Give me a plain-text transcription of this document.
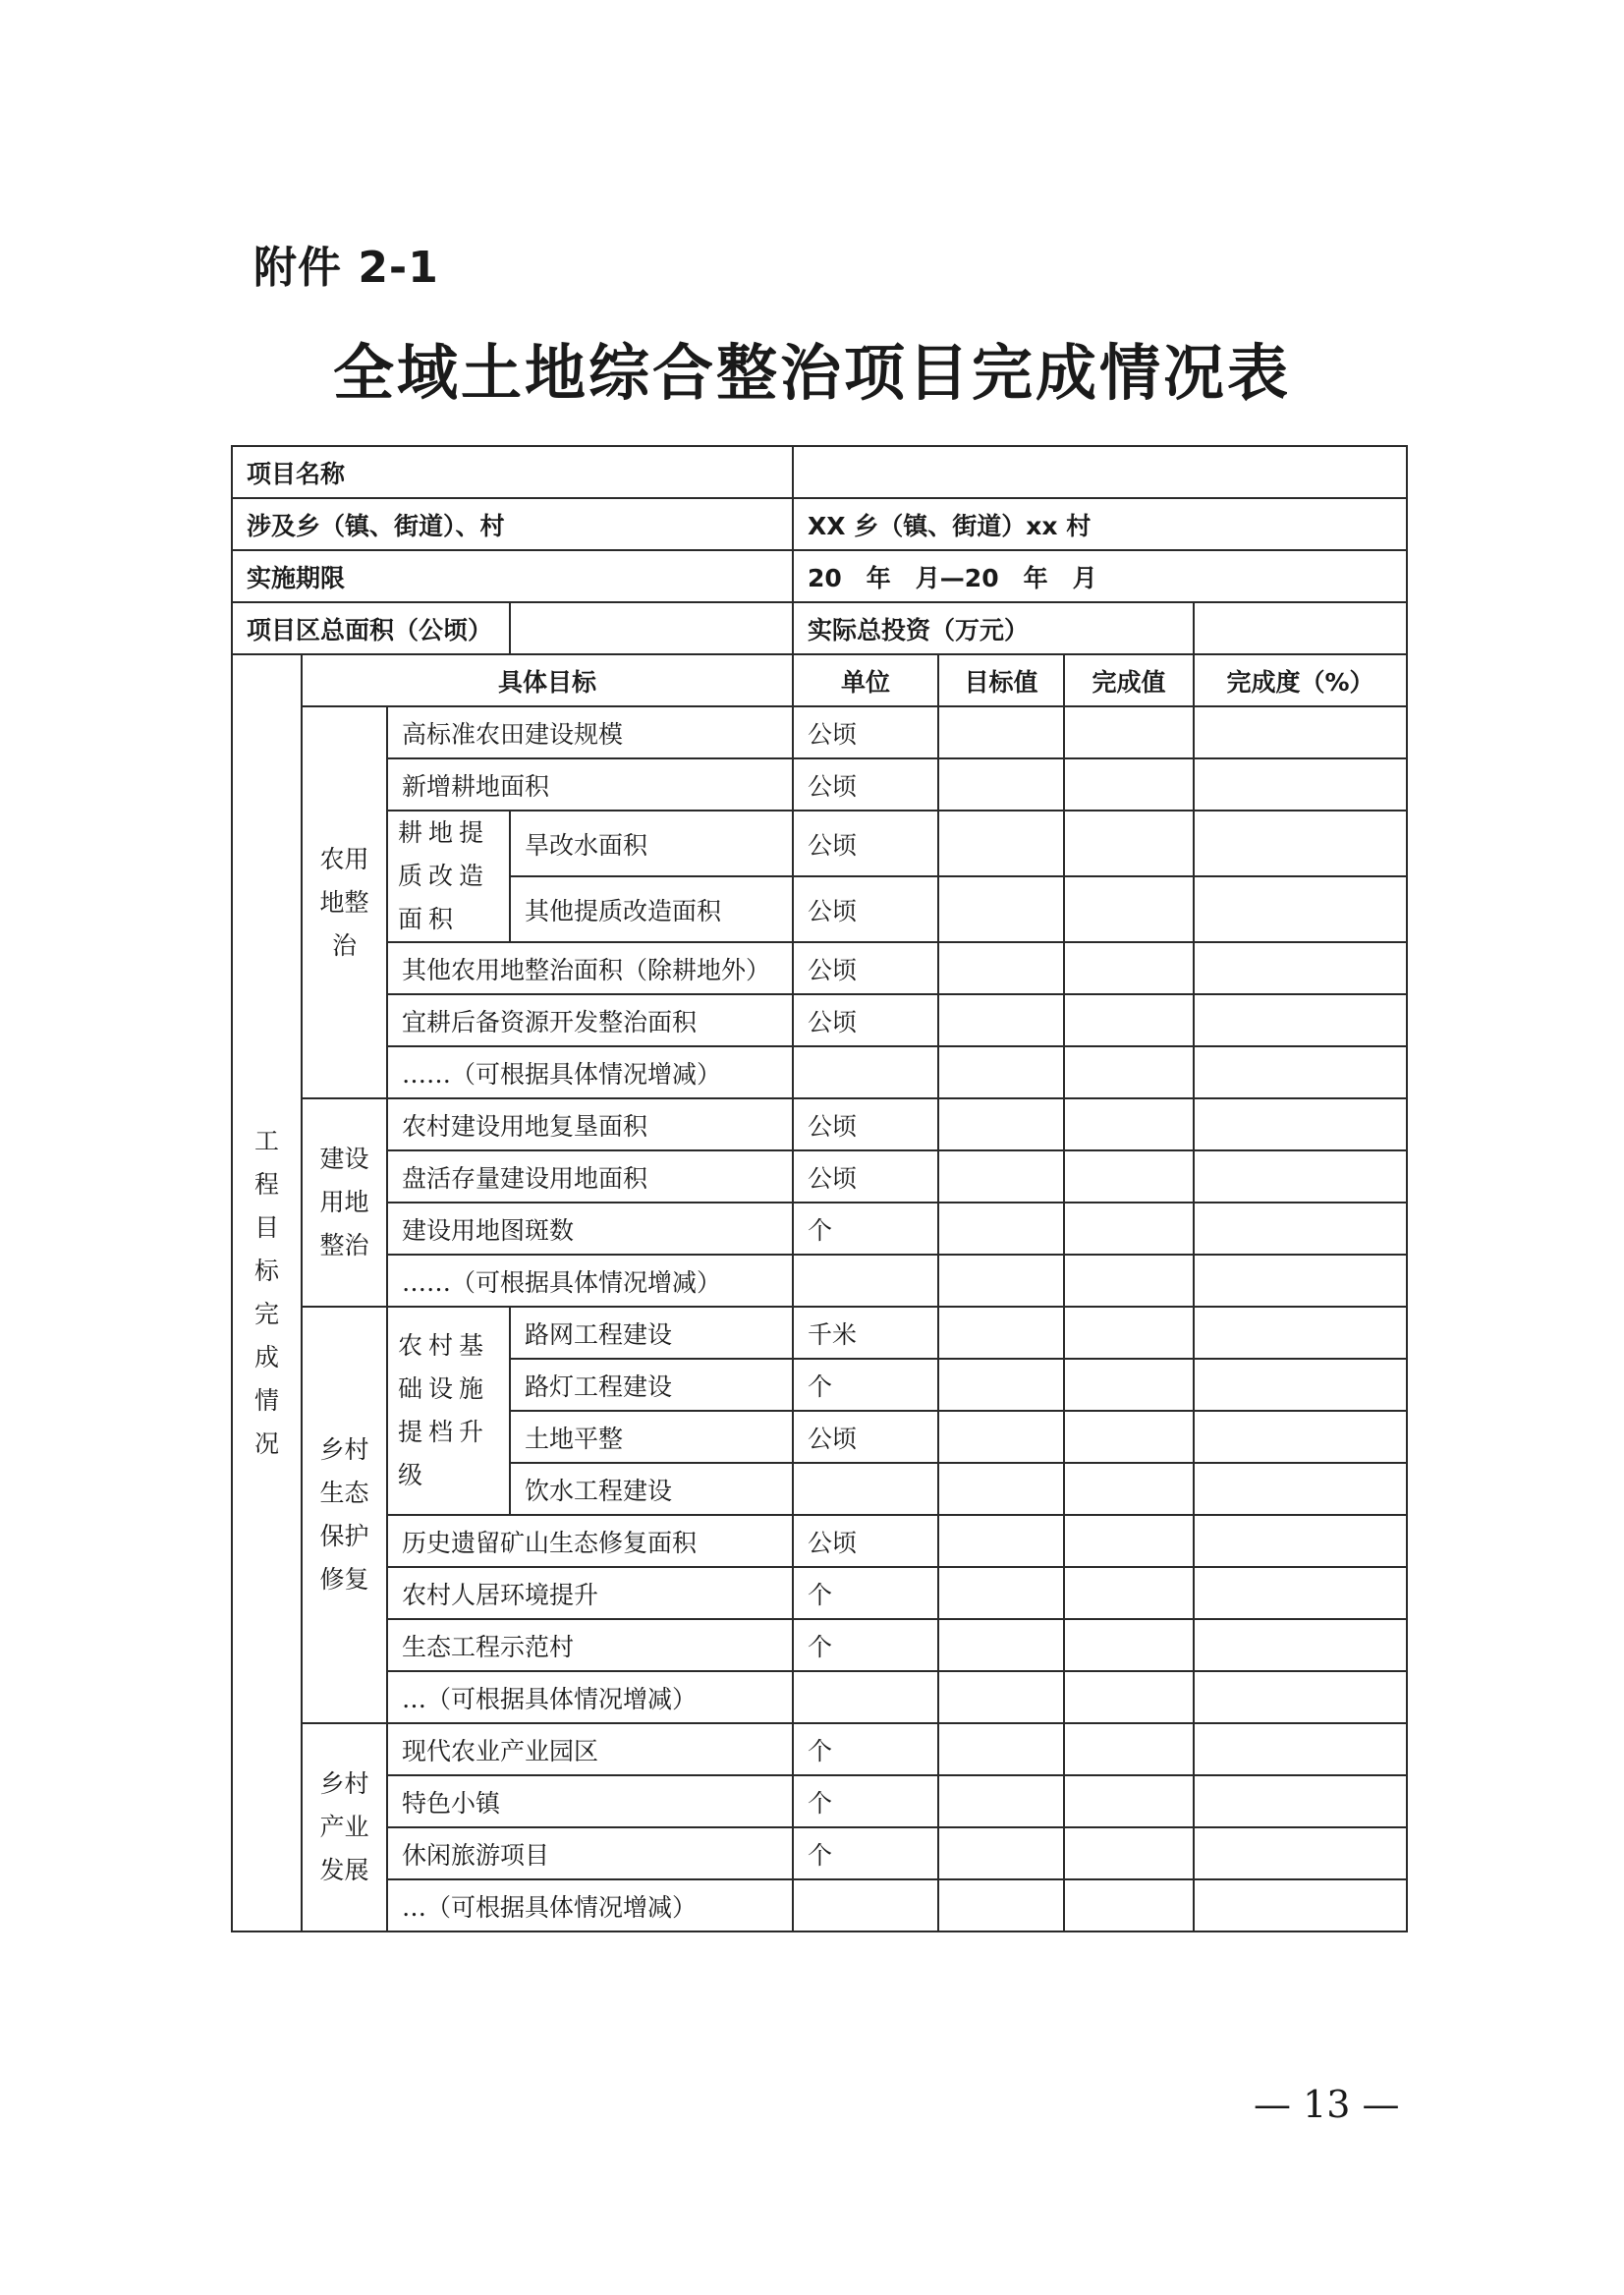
附件 2-1
全域土地综合整治项目完成情况表
项目名称							
涉及乡（镇、街道）、村				XX 乡（镇、街道）xx 村			
实施期限				20　年　月—20　年　月			
项目区总面积（公顷）				实际总投资（万元）			
工程目标完成情况	具体目标			单位	目标值	完成值	完成度（%）
	农用地整治	高标准农田建设规模		公顷			
		新增耕地面积		公顷			
		耕地提质改造面积	旱改水面积	公顷			
			其他提质改造面积	公顷			
		其他农用地整治面积（除耕地外）		公顷			
		宜耕后备资源开发整治面积		公顷			
		……（可根据具体情况增减）					
	建设用地整治	农村建设用地复垦面积		公顷			
		盘活存量建设用地面积		公顷			
		建设用地图斑数		个			
		……（可根据具体情况增减）					
	乡村生态保护修复	农村基础设施提档升级	路网工程建设	千米			
			路灯工程建设	个			
			土地平整	公顷			
			饮水工程建设				
		历史遗留矿山生态修复面积		公顷			
		农村人居环境提升		个			
		生态工程示范村		个			
		…（可根据具体情况增减）					
	乡村产业发展	现代农业产业园区		个			
		特色小镇		个			
		休闲旅游项目		个			
		…（可根据具体情况增减）					
— 13 —
